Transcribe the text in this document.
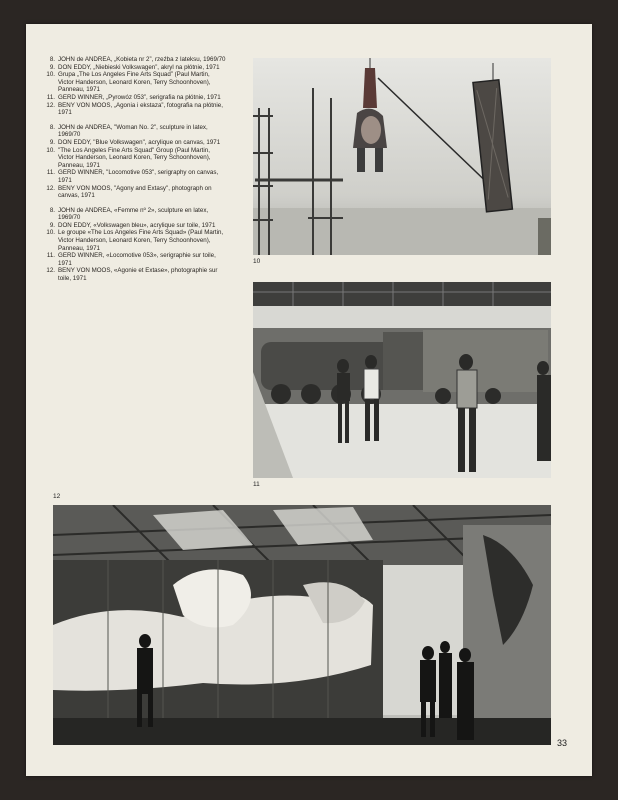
8. JOHN de ANDREA, „Kobieta nr 2”, rzeźba z lateksu, 1969/70
9. DON EDDY, „Niebieski Volkswagen”, akryl na płótnie, 1971
10. Grupa „The Los Angeles Fine Arts Squad” (Paul Martin, Victor Handerson, Leonard Koren, Terry Schoonhoven), Panneau, 1971
11. GERD WINNER, „Pyrowóz 053”, serigrafia na płótnie, 1971
12. BENY VON MOOS, „Agonia i ekstaza”, fotografia na płótnie, 1971
8. JOHN de ANDREA, "Woman No. 2", sculpture in latex, 1969/70
9. DON EDDY, "Blue Volkswagen", acrylique on canvas, 1971
10. "The Los Angeles Fine Arts Squad" Group (Paul Martin, Victor Handerson, Leonard Koren, Terry Schoonhoven), Panneau, 1971
11. GERD WINNER, "Locomotive 053", serigraphy on canvas, 1971
12. BENY VON MOOS, "Agony and Extasy", photograph on canvas, 1971
8. JOHN de ANDREA, «Femme nº 2», sculpture en latex, 1969/70
9. DON EDDY, «Volkswagen bleu», acrylique sur toile, 1971
10. Le groupe «The Los Angeles Fine Arts Squad» (Paul Martin, Victor Handerson, Leonard Koren, Terry Schoonhoven), Panneau, 1971
11. GERD WINNER, «Locomotive 053», serigraphie sur toile, 1971
12. BENY VON MOOS, «Agonie et Extase», photographie sur toile, 1971
10
11
12
33
